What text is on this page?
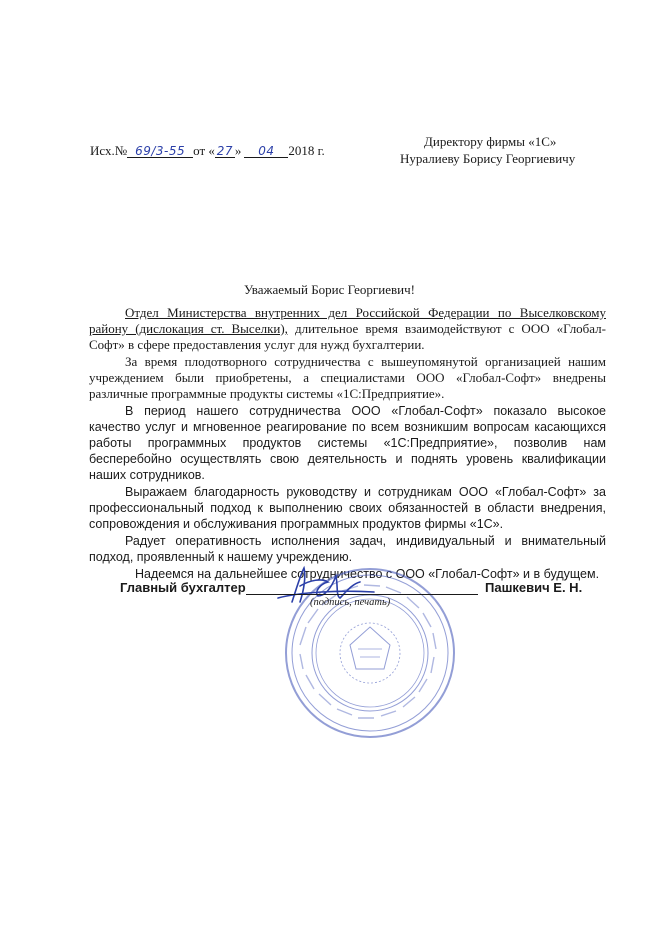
Исх.№ 69/3-55 от « 27 » 04 2018 г.
Директору фирмы «1С»
Нуралиеву Борису Георгиевичу
Уважаемый Борис Георгиевич!

Отдел Министерства внутренних дел Российской Федерации по Выселковскому району (дислокация ст. Выселки), длительное время взаимодействуют с ООО «Глобал-Софт» в сфере предоставления услуг для нужд бухгалтерии.

За время плодотворного сотрудничества с вышеупомянутой организацией нашим учреждением были приобретены, а специалистами ООО «Глобал-Софт» внедрены различные программные продукты системы «1С:Предприятие».

В период нашего сотрудничества ООО «Глобал-Софт» показало высокое качество услуг и мгновенное реагирование по всем возникшим вопросам касающихся работы программных продуктов системы «1С:Предприятие», позволив нам бесперебойно осуществлять свою деятельность и поднять уровень квалификации наших сотрудников.

Выражаем благодарность руководству и сотрудникам ООО «Глобал-Софт» за профессиональный подход к выполнению своих обязанностей в области внедрения, сопровождения и обслуживания программных продуктов фирмы «1С».

Радует оперативность исполнения задач, индивидуальный и внимательный подход, проявленный к нашему учреждению.

Надеемся на дальнейшее сотрудничество с ООО «Глобал-Софт» и в будущем.

Главный бухгалтер	Пашкевич Е. Н.
(подпись, печать)
